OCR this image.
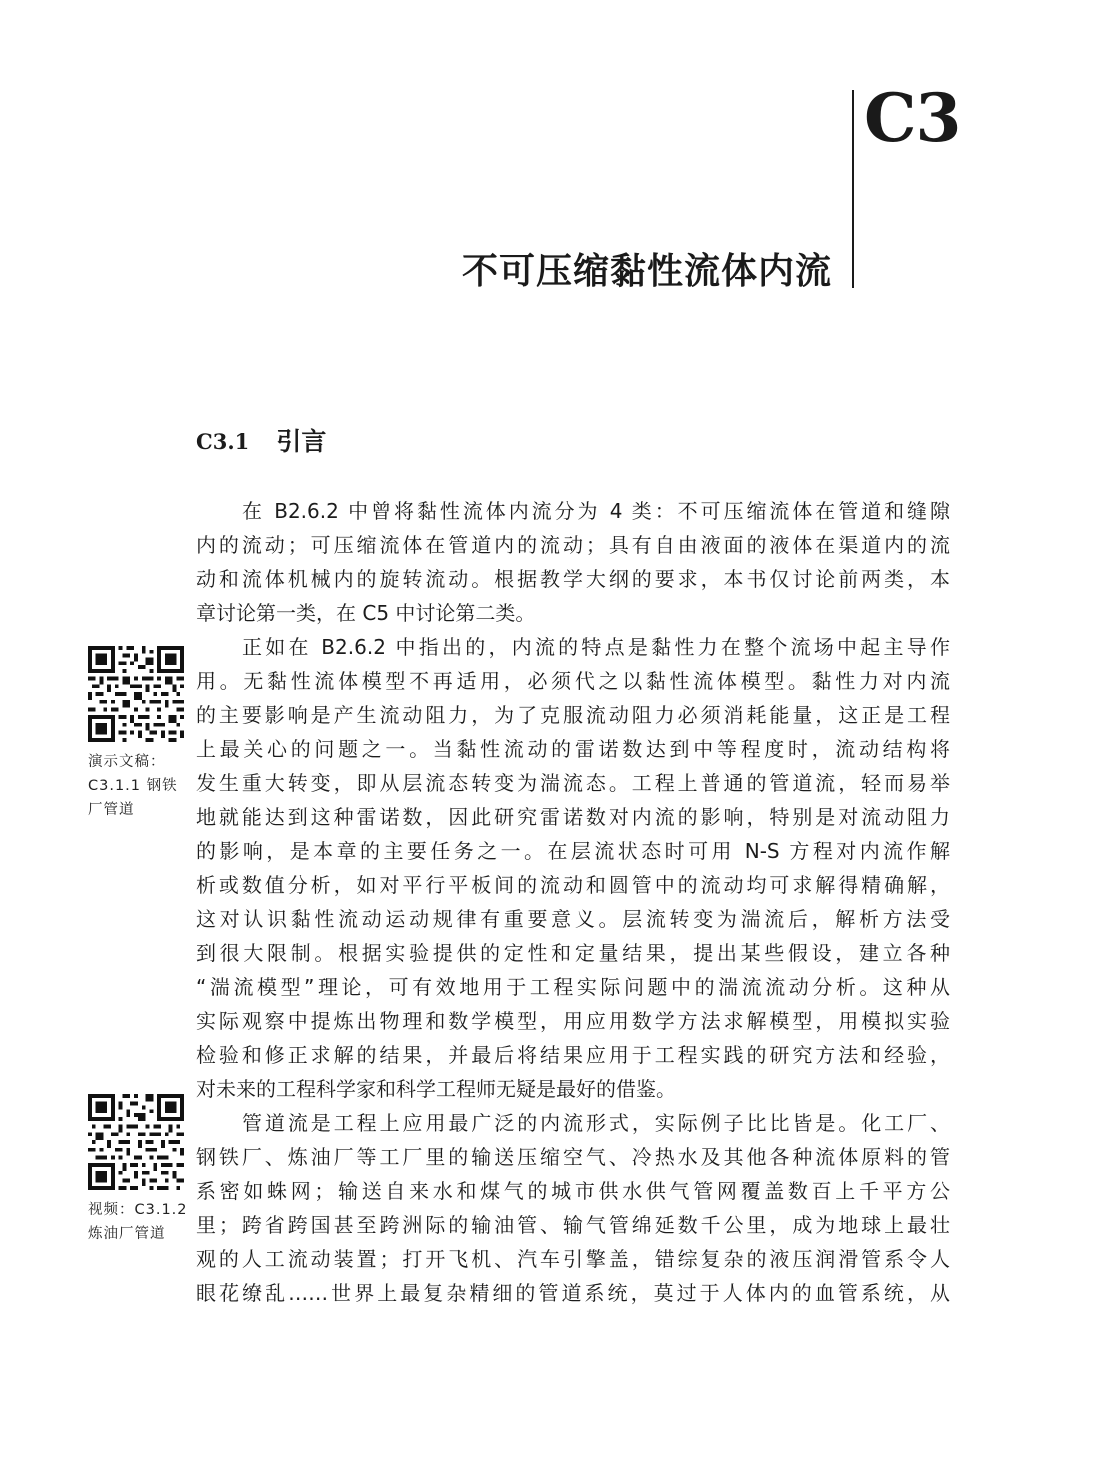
C3
不可压缩黏性流体内流
C3.1 引言
在 B2.6.2 中曾将黏性流体内流分为 4 类：不可压缩流体在管道和缝隙
内的流动；可压缩流体在管道内的流动；具有自由液面的液体在渠道内的流
动和流体机械内的旋转流动。根据教学大纲的要求，本书仅讨论前两类，本
章讨论第一类，在 C5 中讨论第二类。
正如在 B2.6.2 中指出的，内流的特点是黏性力在整个流场中起主导作
用。无黏性流体模型不再适用，必须代之以黏性流体模型。黏性力对内流
的主要影响是产生流动阻力，为了克服流动阻力必须消耗能量，这正是工程
上最关心的问题之一。当黏性流动的雷诺数达到中等程度时，流动结构将
发生重大转变，即从层流态转变为湍流态。工程上普通的管道流，轻而易举
地就能达到这种雷诺数，因此研究雷诺数对内流的影响，特别是对流动阻力
的影响，是本章的主要任务之一。在层流状态时可用 N-S 方程对内流作解
析或数值分析，如对平行平板间的流动和圆管中的流动均可求解得精确解，
这对认识黏性流动运动规律有重要意义。层流转变为湍流后，解析方法受
到很大限制。根据实验提供的定性和定量结果，提出某些假设，建立各种
“湍流模型”理论，可有效地用于工程实际问题中的湍流流动分析。这种从
实际观察中提炼出物理和数学模型，用应用数学方法求解模型，用模拟实验
检验和修正求解的结果，并最后将结果应用于工程实践的研究方法和经验，
对未来的工程科学家和科学工程师无疑是最好的借鉴。
管道流是工程上应用最广泛的内流形式，实际例子比比皆是。化工厂、
钢铁厂、炼油厂等工厂里的输送压缩空气、冷热水及其他各种流体原料的管
系密如蛛网；输送自来水和煤气的城市供水供气管网覆盖数百上千平方公
里；跨省跨国甚至跨洲际的输油管、输气管绵延数千公里，成为地球上最壮
观的人工流动装置；打开飞机、汽车引擎盖，错综复杂的液压润滑管系令人
眼花缭乱……世界上最复杂精细的管道系统，莫过于人体内的血管系统，从
演示文稿：
C3.1.1 钢铁
厂管道
视频：C3.1.2
炼油厂管道
